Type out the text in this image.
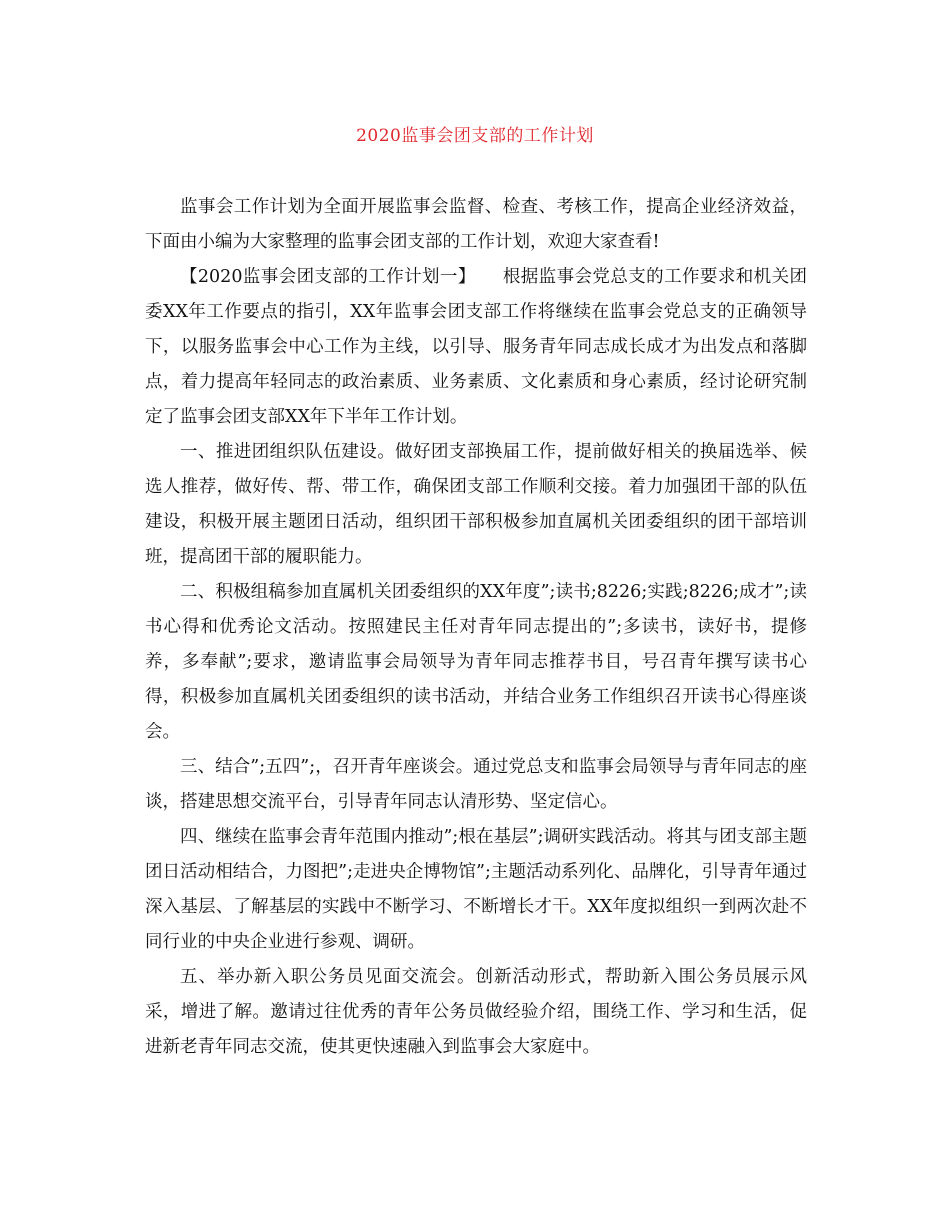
2020监事会团支部的工作计划

监事会工作计划为全面开展监事会监督、检查、考核工作，提高企业经济效益，下面由小编为大家整理的监事会团支部的工作计划，欢迎大家查看!

【2020监事会团支部的工作计划一】　　根据监事会党总支的工作要求和机关团委XX年工作要点的指引，XX年监事会团支部工作将继续在监事会党总支的正确领导下，以服务监事会中心工作为主线，以引导、服务青年同志成长成才为出发点和落脚点，着力提高年轻同志的政治素质、业务素质、文化素质和身心素质，经讨论研究制定了监事会团支部XX年下半年工作计划。

一、推进团组织队伍建设。做好团支部换届工作，提前做好相关的换届选举、候选人推荐，做好传、帮、带工作，确保团支部工作顺利交接。着力加强团干部的队伍建设，积极开展主题团日活动，组织团干部积极参加直属机关团委组织的团干部培训班，提高团干部的履职能力。

二、积极组稿参加直属机关团委组织的XX年度”;读书;8226;实践;8226;成才”;读书心得和优秀论文活动。按照建民主任对青年同志提出的”;多读书，读好书，提修养，多奉献”;要求，邀请监事会局领导为青年同志推荐书目，号召青年撰写读书心得，积极参加直属机关团委组织的读书活动，并结合业务工作组织召开读书心得座谈会。

三、结合”;五四”;，召开青年座谈会。通过党总支和监事会局领导与青年同志的座谈，搭建思想交流平台，引导青年同志认清形势、坚定信心。

四、继续在监事会青年范围内推动”;根在基层”;调研实践活动。将其与团支部主题团日活动相结合，力图把”;走进央企博物馆”;主题活动系列化、品牌化，引导青年通过深入基层、了解基层的实践中不断学习、不断增长才干。XX年度拟组织一到两次赴不同行业的中央企业进行参观、调研。

五、举办新入职公务员见面交流会。创新活动形式，帮助新入围公务员展示风采，增进了解。邀请过往优秀的青年公务员做经验介绍，围绕工作、学习和生活，促进新老青年同志交流，使其更快速融入到监事会大家庭中。
